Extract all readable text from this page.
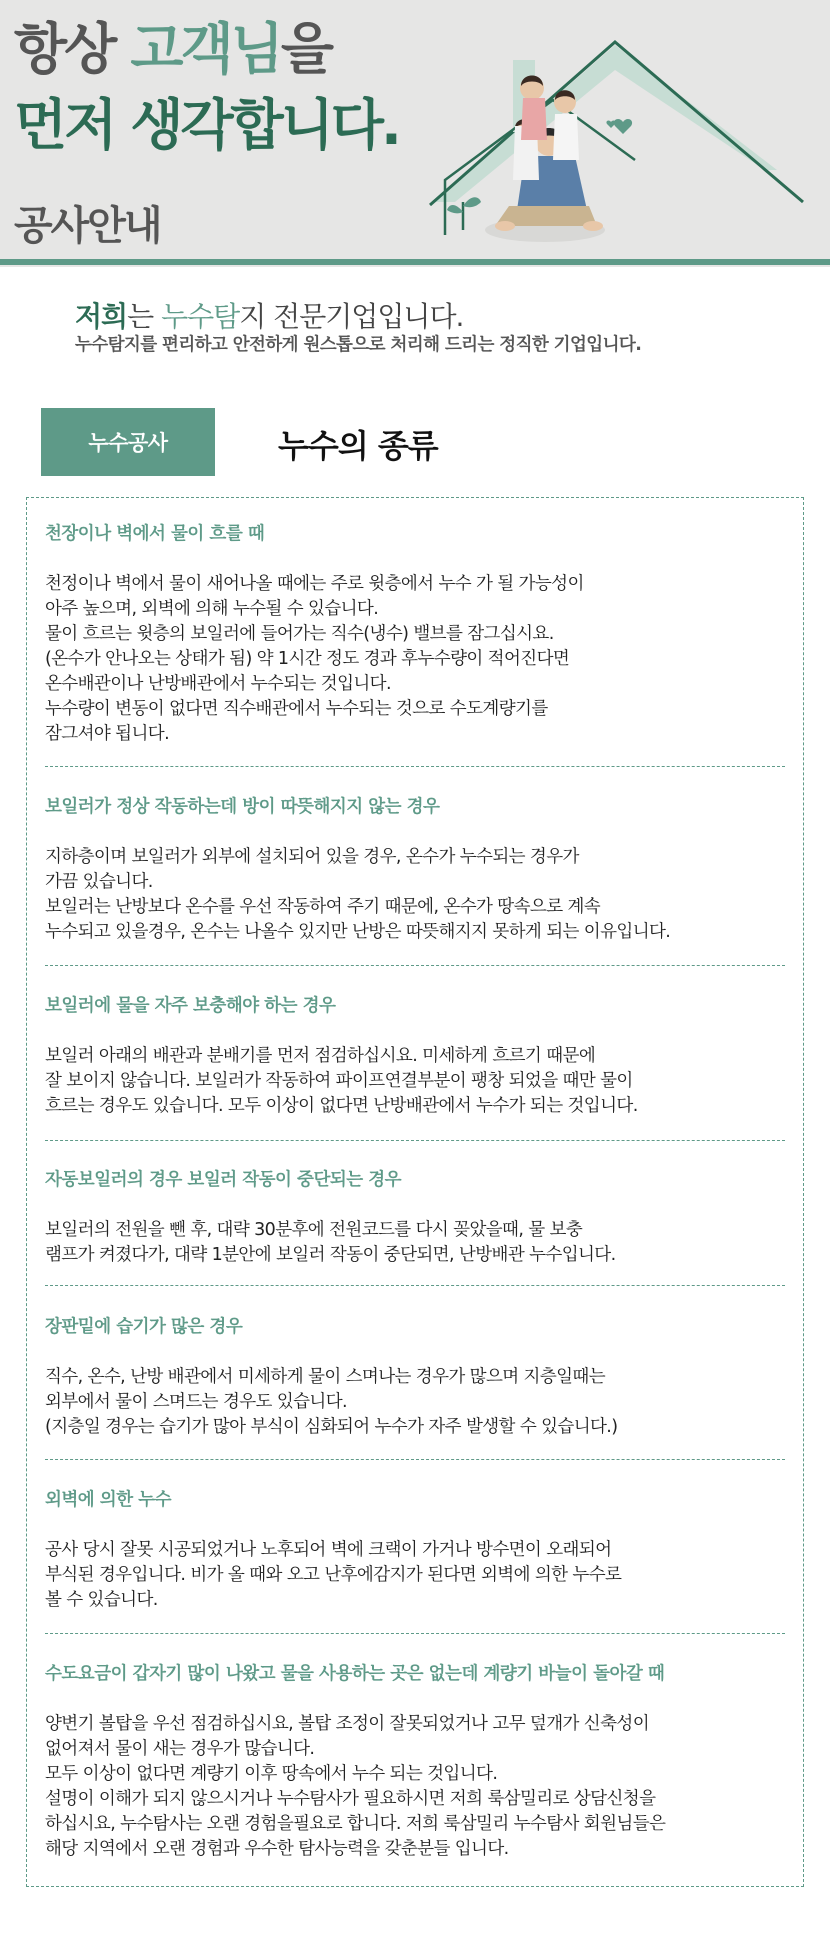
항상 고객님을
먼저 생각합니다.
공사안내
저희는 누수탐지 전문기업입니다.
누수탐지를 편리하고 안전하게 원스톱으로 처리해 드리는 정직한 기업입니다.
누수공사	누수의 종류
천장이나 벽에서 물이 흐를 때
천정이나 벽에서 물이 새어나올 때에는 주로 윗층에서 누수 가 될 가능성이
아주 높으며, 외벽에 의해 누수될 수 있습니다.
물이 흐르는 윗층의 보일러에 들어가는 직수(냉수) 밸브를 잠그십시요.
(온수가 안나오는 상태가 됨) 약 1시간 정도 경과 후누수량이 적어진다면
온수배관이나 난방배관에서 누수되는 것입니다.
누수량이 변동이 없다면 직수배관에서 누수되는 것으로 수도계량기를
잠그셔야 됩니다.
보일러가 정상 작동하는데 방이 따뜻해지지 않는 경우
지하층이며 보일러가 외부에 설치되어 있을 경우, 온수가 누수되는 경우가
가끔 있습니다.
보일러는 난방보다 온수를 우선 작동하여 주기 때문에, 온수가 땅속으로 계속
누수되고 있을경우, 온수는 나올수 있지만 난방은 따뜻해지지 못하게 되는 이유입니다.
보일러에 물을 자주 보충해야 하는 경우
보일러 아래의 배관과 분배기를 먼저 점검하십시요. 미세하게 흐르기 때문에
잘 보이지 않습니다. 보일러가 작동하여 파이프연결부분이 팽창 되었을 때만 물이
흐르는 경우도 있습니다. 모두 이상이 없다면 난방배관에서 누수가 되는 것입니다.
자동보일러의 경우 보일러 작동이 중단되는 경우
보일러의 전원을 뺀 후, 대략 30분후에 전원코드를 다시 꽂았을때, 물 보충
램프가 켜졌다가, 대략 1분안에 보일러 작동이 중단되면, 난방배관 누수입니다.
장판밑에 습기가 많은 경우
직수, 온수, 난방 배관에서 미세하게 물이 스며나는 경우가 많으며 지층일때는
외부에서 물이 스며드는 경우도 있습니다.
(지층일 경우는 습기가 많아 부식이 심화되어 누수가 자주 발생할 수 있습니다.)
외벽에 의한 누수
공사 당시 잘못 시공되었거나 노후되어 벽에 크랙이 가거나 방수면이 오래되어
부식된 경우입니다. 비가 올 때와 오고 난후에감지가 된다면 외벽에 의한 누수로
볼 수 있습니다.
수도요금이 갑자기 많이 나왔고 물을 사용하는 곳은 없는데 계량기 바늘이 돌아갈 때
양변기 볼탑을 우선 점검하십시요, 볼탑 조정이 잘못되었거나 고무 덮개가 신축성이
없어져서 물이 새는 경우가 많습니다.
모두 이상이 없다면 계량기 이후 땅속에서 누수 되는 것입니다.
설명이 이해가 되지 않으시거나 누수탐사가 필요하시면 저희 룩삼밀리로 상담신청을
하십시요, 누수탐사는 오랜 경험을필요로 합니다. 저희 룩삼밀리 누수탐사 회원님들은
해당 지역에서 오랜 경험과 우수한 탐사능력을 갖춘분들 입니다.
